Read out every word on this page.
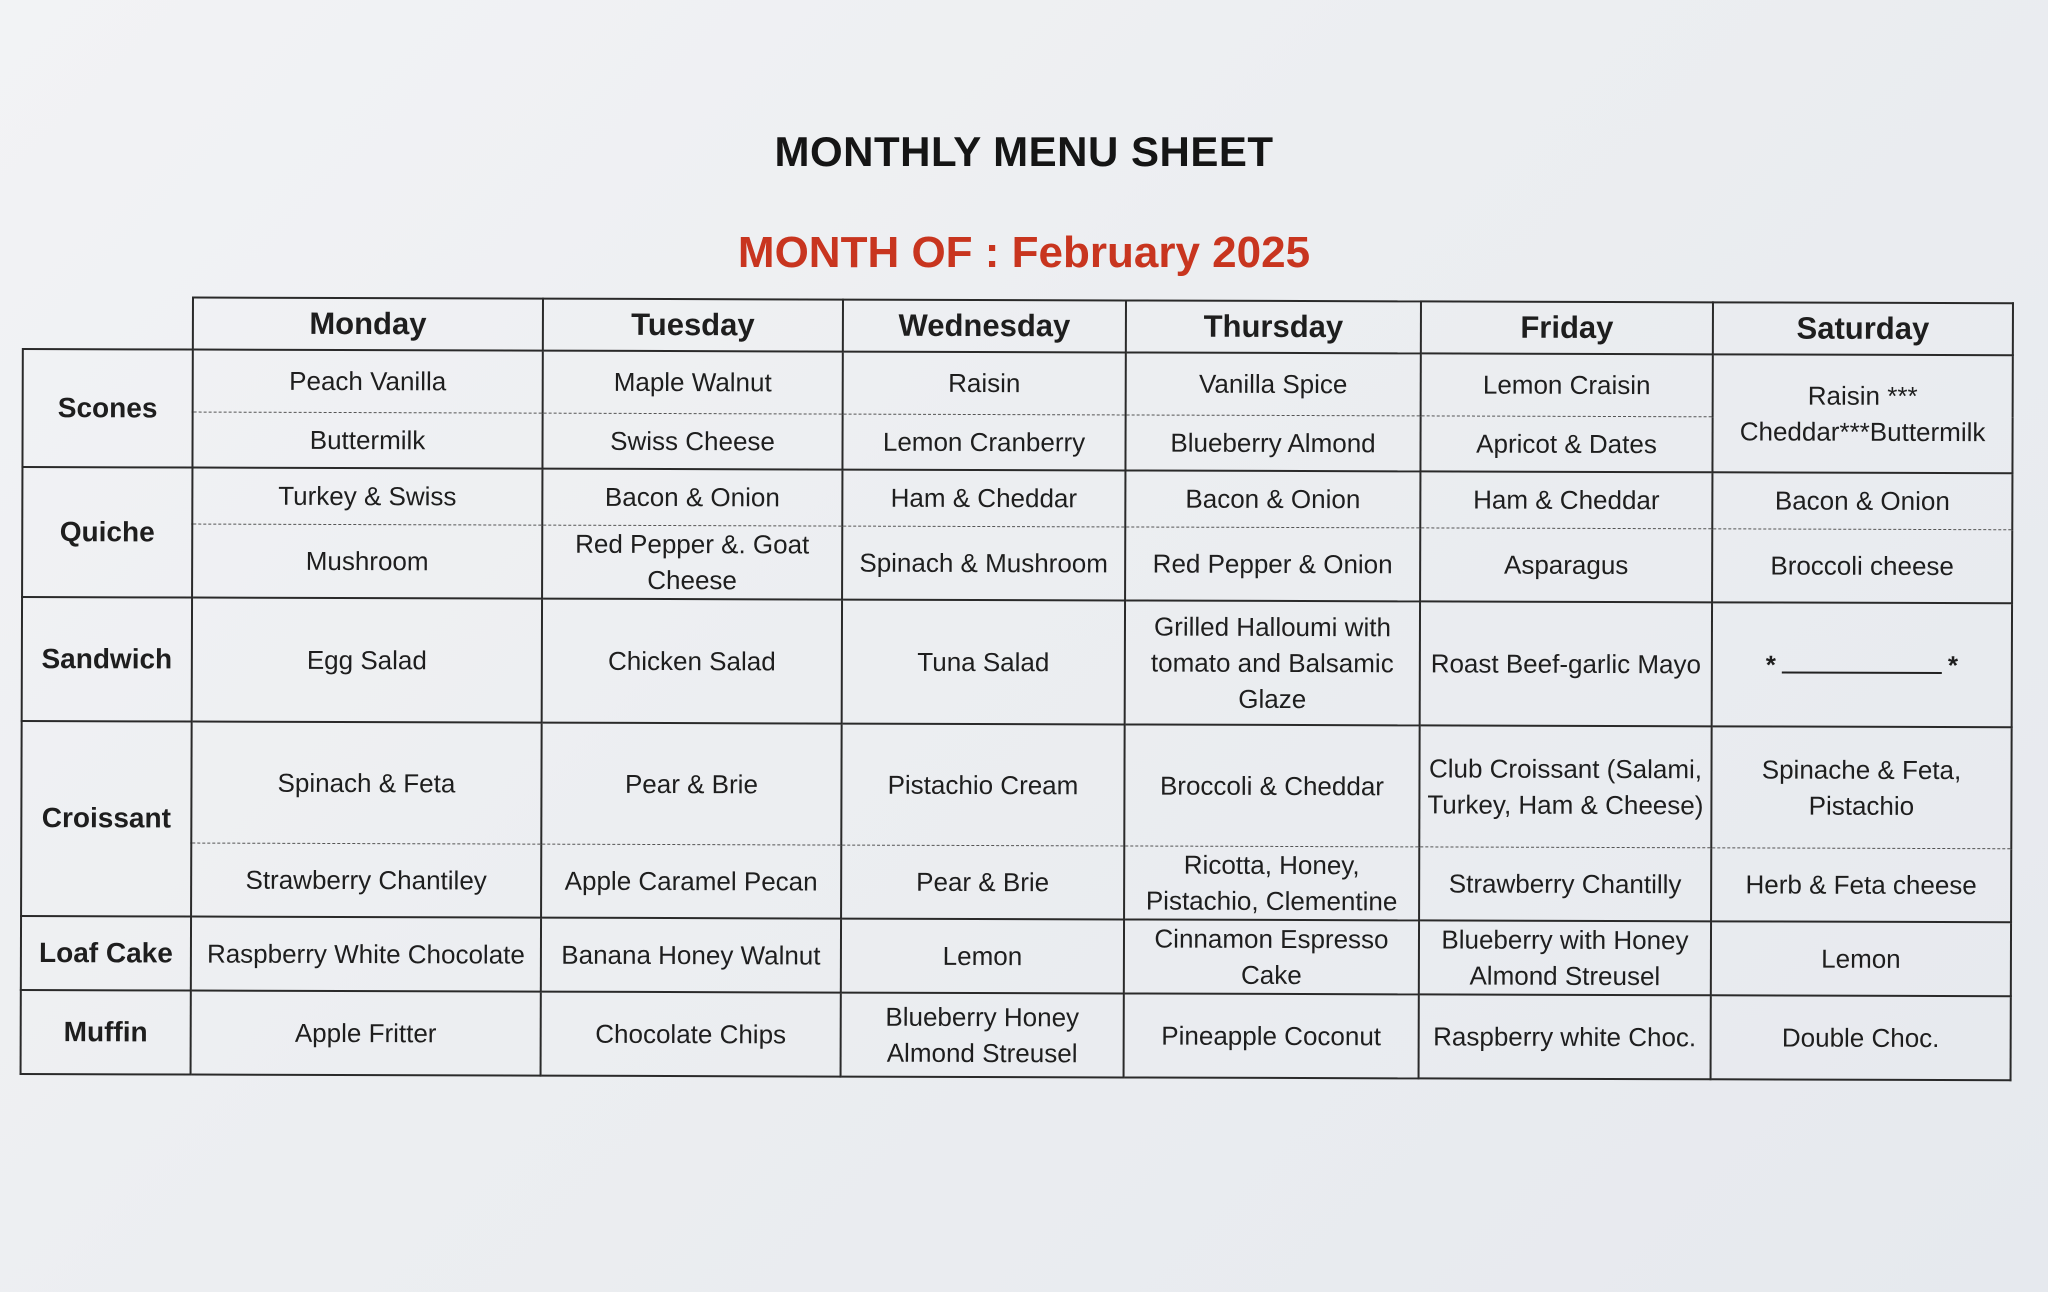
MONTHLY MENU SHEET
MONTH OF : February 2025
	Monday	Tuesday	Wednesday	Thursday	Friday	Saturday
Scones	Peach Vanilla	Maple Walnut	Raisin	Vanilla Spice	Lemon Craisin	Raisin *** Cheddar***Buttermilk
	Buttermilk	Swiss Cheese	Lemon Cranberry	Blueberry Almond	Apricot & Dates	
Quiche	Turkey & Swiss	Bacon & Onion	Ham & Cheddar	Bacon & Onion	Ham & Cheddar	Bacon & Onion
	Mushroom	Red Pepper &. Goat Cheese	Spinach & Mushroom	Red Pepper & Onion	Asparagus	Broccoli cheese
Sandwich	Egg Salad	Chicken Salad	Tuna Salad	Grilled Halloumi with tomato and Balsamic Glaze	Roast Beef-garlic Mayo	* *
Croissant	Spinach & Feta	Pear & Brie	Pistachio Cream	Broccoli & Cheddar	Club Croissant (Salami, Turkey, Ham & Cheese)	Spinache & Feta, Pistachio
	Strawberry Chantiley	Apple Caramel Pecan	Pear & Brie	Ricotta, Honey, Pistachio, Clementine	Strawberry Chantilly	Herb & Feta cheese
Loaf Cake	Raspberry White Chocolate	Banana Honey Walnut	Lemon	Cinnamon Espresso Cake	Blueberry with Honey Almond Streusel	Lemon
Muffin	Apple Fritter	Chocolate Chips	Blueberry Honey Almond Streusel	Pineapple Coconut	Raspberry white Choc.	Double Choc.
